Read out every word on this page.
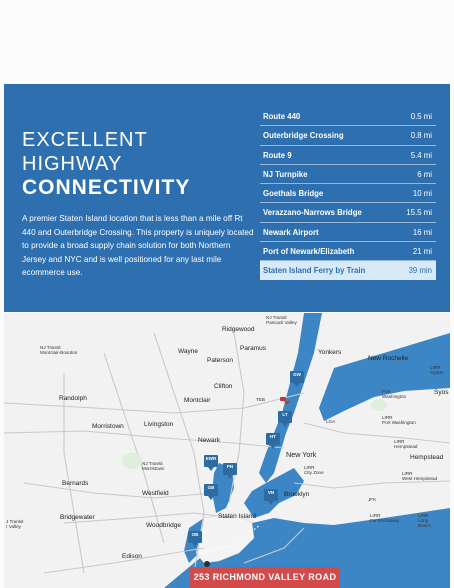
EXCELLENT
HIGHWAY
CONNECTIVITY
A premier Staten Island location that is less than a mile off Rt 440 and Outerbridge Crossing. This property is uniquely located to provide a broad supply chain solution for both Northern Jersey and NYC and is well positioned for any last mile ecommerce use.
Route 440	0.5 mi
Outerbridge Crossing	0.8 mi
Route 9	5.4 mi
NJ Turnpike	6 mi
Goethals Bridge	10 mi
Verazzano-Narrows Bridge	15.5 mi
Newark Airport	16 mi
Port of Newark/Elizabeth	21 mi
Staten Island Ferry by Train	39 min
Ridgewood
NJ Transit
Pascack Valley
NJ Transit
Montclair-Boonton	Wayne	Paramus
Paterson
Yonkers
New Rochelle
LIRR
Oyster
Clifton
Randolph	Montclair	TEB
Port
Washington
Morristown	Livingston	LGA
LIRR
Port Washington
Newark
New York
LIRR
Hempstead
Hempstead
NJ Transit
Morristown	LIRR
City Zone	LIRR
West Hempstead
Bernards
Westfield	Brooklyn
JFK
LIRR
Far Rockaway
LIRR
Long
Beach
J Transit
r Valley
Bridgewater
Woodbridge
Staten Island
Edison
Syos
GW
LT
HT
EWR
PN
GB
VN
OB
253 RICHMOND VALLEY ROAD
